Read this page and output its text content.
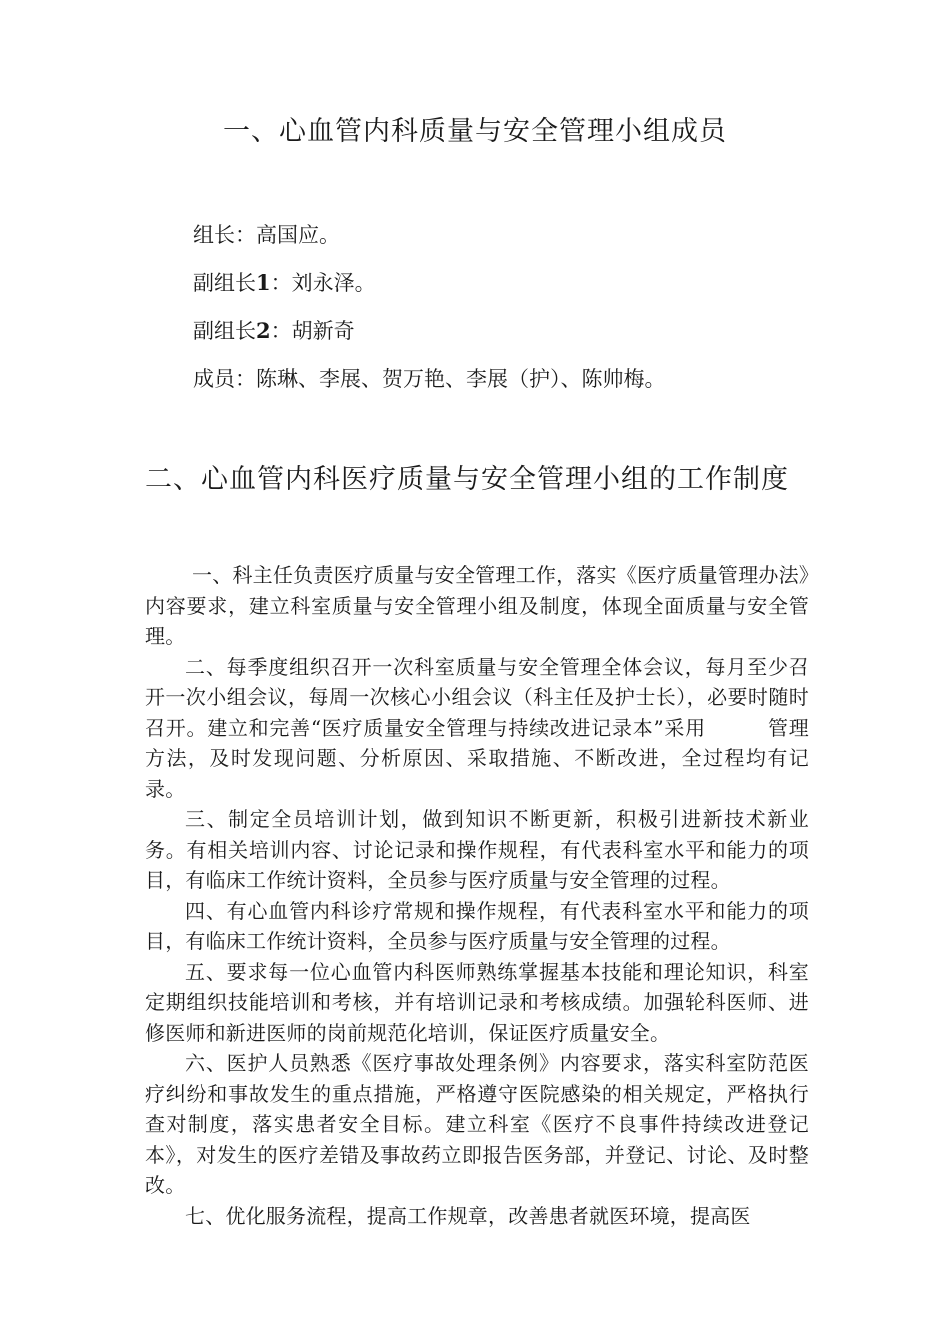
一、心血管内科质量与安全管理小组成员
组长：高国应。
副组长1：刘永泽。
副组长2：胡新奇
成员：陈琳、李展、贺万艳、李展（护）、陈帅梅。
二、心血管内科医疗质量与安全管理小组的工作制度

一、科主任负责医疗质量与安全管理工作，落实《医疗质量管理办法》内容要求，建立科室质量与安全管理小组及制度，体现全面质量与安全管理。

二、每季度组织召开一次科室质量与安全管理全体会议，每月至少召开一次小组会议，每周一次核心小组会议（科主任及护士长），必要时随时召开。建立和完善“医疗质量安全管理与持续改进记录本”采用　　　管理方法，及时发现问题、分析原因、采取措施、不断改进，全过程均有记录。

三、制定全员培训计划，做到知识不断更新，积极引进新技术新业务。有相关培训内容、讨论记录和操作规程，有代表科室水平和能力的项目，有临床工作统计资料，全员参与医疗质量与安全管理的过程。

四、有心血管内科诊疗常规和操作规程，有代表科室水平和能力的项目，有临床工作统计资料，全员参与医疗质量与安全管理的过程。

五、要求每一位心血管内科医师熟练掌握基本技能和理论知识，科室定期组织技能培训和考核，并有培训记录和考核成绩。加强轮科医师、进修医师和新进医师的岗前规范化培训，保证医疗质量安全。

六、医护人员熟悉《医疗事故处理条例》内容要求，落实科室防范医疗纠纷和事故发生的重点措施，严格遵守医院感染的相关规定，严格执行查对制度，落实患者安全目标。建立科室《医疗不良事件持续改进登记本》，对发生的医疗差错及事故药立即报告医务部，并登记、讨论、及时整改。

七、优化服务流程，提高工作规章，改善患者就医环境，提高医
